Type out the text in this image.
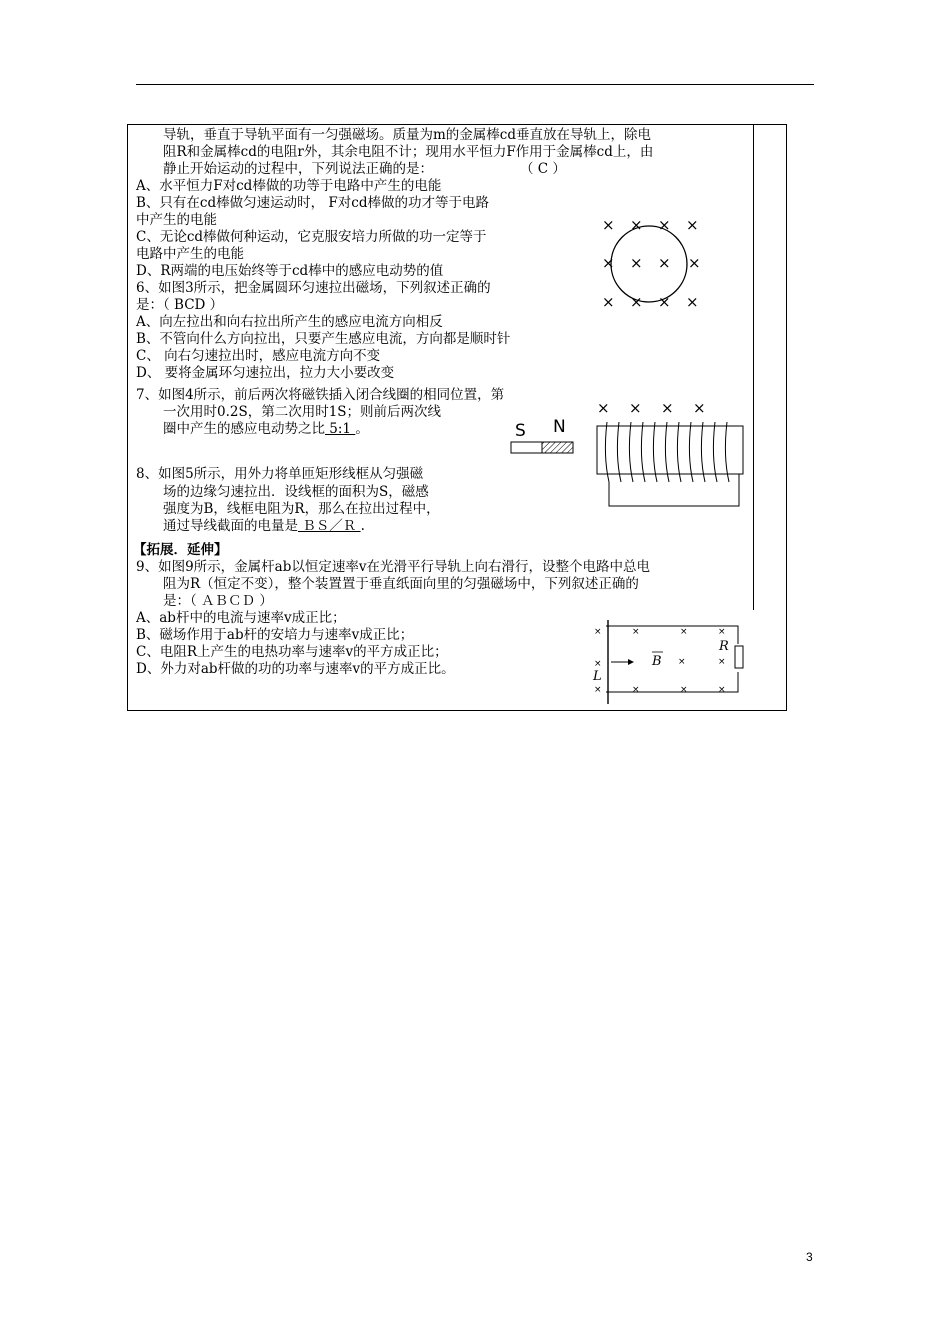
导轨，垂直于导轨平面有一匀强磁场。质量为m的金属棒cd垂直放在导轨上，除电
阻R和金属棒cd的电阻r外，其余电阻不计；现用水平恒力F作用于金属棒cd上，由
静止开始运动的过程中，下列说法正确的是：	（ C ）
A、水平恒力F对cd棒做的功等于电路中产生的电能
B、只有在cd棒做匀速运动时， F对cd棒做的功才等于电路
中产生的电能
C、无论cd棒做何种运动，它克服安培力所做的功一定等于
电路中产生的电能
D、R两端的电压始终等于cd棒中的感应电动势的值
6、如图3所示，把金属圆环匀速拉出磁场，下列叙述正确的
是：（ BCD ）
A、向左拉出和向右拉出所产生的感应电流方向相反
B、不管向什么方向拉出，只要产生感应电流，方向都是顺时针
C、 向右匀速拉出时，感应电流方向不变
D、 要将金属环匀速拉出，拉力大小要改变
7、如图4所示，前后两次将磁铁插入闭合线圈的相同位置，第
一次用时0.2S，第二次用时1S；则前后两次线
圈中产生的感应电动势之比 5:1 。
8、如图5所示，用外力将单匝矩形线框从匀强磁
场的边缘匀速拉出．设线框的面积为S，磁感
强度为B，线框电阻为R，那么在拉出过程中，
通过导线截面的电量是 ＢＳ／Ｒ .
【拓展．延伸】
9、如图9所示，金属杆ab以恒定速率v在光滑平行导轨上向右滑行，设整个电路中总电
阻为R（恒定不变），整个装置置于垂直纸面向里的匀强磁场中，下列叙述正确的
是：（ ＡＢＣＤ ）
A、ab杆中的电流与速率v成正比；
B、磁场作用于ab杆的安培力与速率v成正比；
C、电阻R上产生的电热功率与速率v的平方成正比；
D、外力对ab杆做的功的功率与速率v的平方成正比。
× × × ×
× × × ×
× × × ×
× × × ×
S N
×
×
×
×	×	×
×	×
×	×	×
R
B
L
3
